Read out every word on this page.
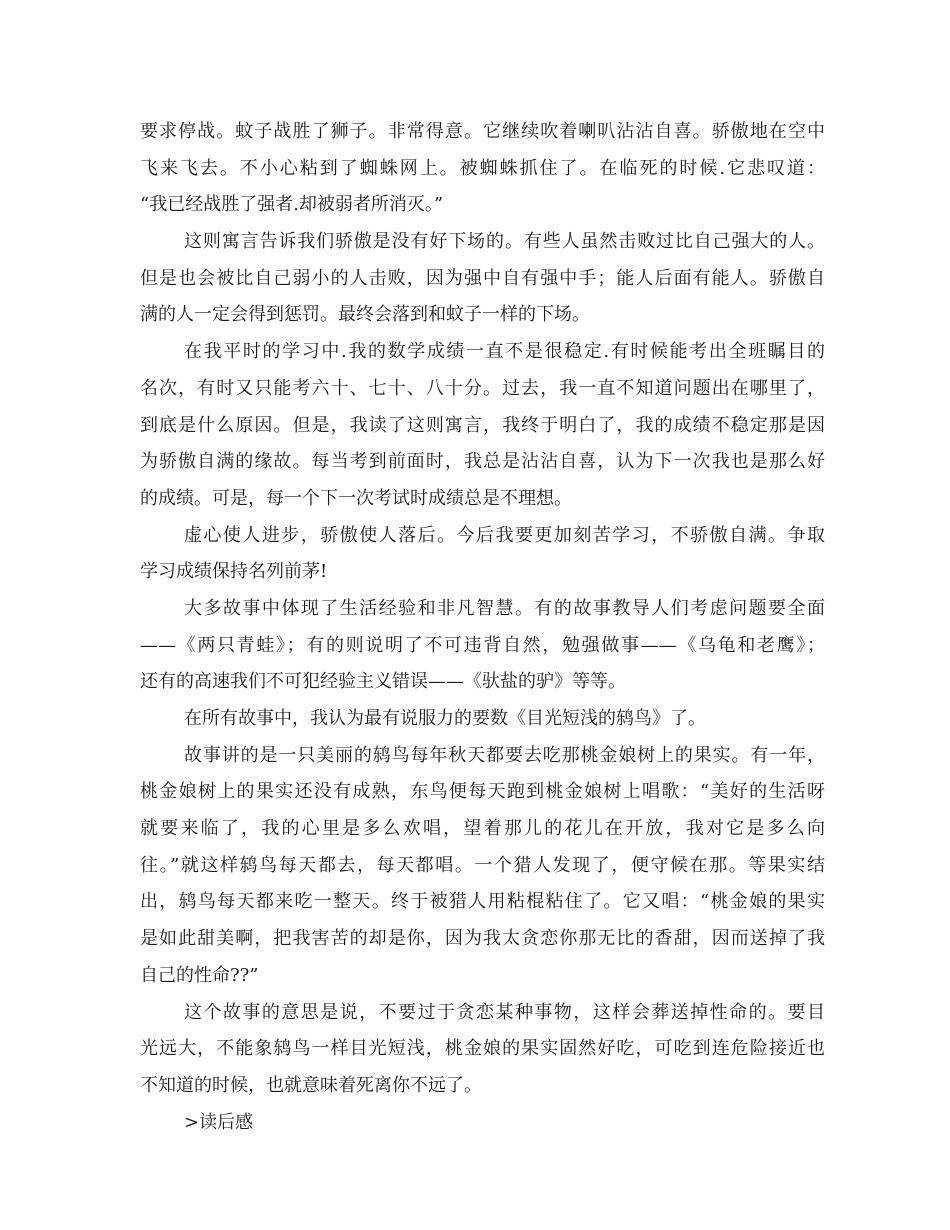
要求停战。蚊子战胜了狮子。非常得意。它继续吹着喇叭沾沾自喜。骄傲地在空中
飞来飞去。不小心粘到了蜘蛛网上。被蜘蛛抓住了。在临死的时候.它悲叹道：
“我已经战胜了强者.却被弱者所消灭。”
这则寓言告诉我们骄傲是没有好下场的。有些人虽然击败过比自己强大的人。
但是也会被比自己弱小的人击败，因为强中自有强中手；能人后面有能人。骄傲自
满的人一定会得到惩罚。最终会落到和蚊子一样的下场。
在我平时的学习中.我的数学成绩一直不是很稳定.有时候能考出全班瞩目的
名次，有时又只能考六十、七十、八十分。过去，我一直不知道问题出在哪里了，
到底是什么原因。但是，我读了这则寓言，我终于明白了，我的成绩不稳定那是因
为骄傲自满的缘故。每当考到前面时，我总是沾沾自喜，认为下一次我也是那么好
的成绩。可是，每一个下一次考试时成绩总是不理想。
虚心使人进步，骄傲使人落后。今后我要更加刻苦学习，不骄傲自满。争取
学习成绩保持名列前茅!
大多故事中体现了生活经验和非凡智慧。有的故事教导人们考虑问题要全面
——《两只青蛙》；有的则说明了不可违背自然，勉强做事——《乌龟和老鹰》；
还有的高速我们不可犯经验主义错误——《驮盐的驴》等等。
在所有故事中，我认为最有说服力的要数《目光短浅的鸫鸟》了。
故事讲的是一只美丽的鸫鸟每年秋天都要去吃那桃金娘树上的果实。有一年，
桃金娘树上的果实还没有成熟，东鸟便每天跑到桃金娘树上唱歌：“美好的生活呀
就要来临了，我的心里是多么欢唱，望着那儿的花儿在开放，我对它是多么向
往。”就这样鸫鸟每天都去，每天都唱。一个猎人发现了，便守候在那。等果实结
出，鸫鸟每天都来吃一整天。终于被猎人用粘棍粘住了。它又唱：“桃金娘的果实
是如此甜美啊，把我害苦的却是你，因为我太贪恋你那无比的香甜，因而送掉了我
自己的性命??”
这个故事的意思是说，不要过于贪恋某种事物，这样会葬送掉性命的。要目
光远大，不能象鸫鸟一样目光短浅，桃金娘的果实固然好吃，可吃到连危险接近也
不知道的时候，也就意味着死离你不远了。
>读后感
